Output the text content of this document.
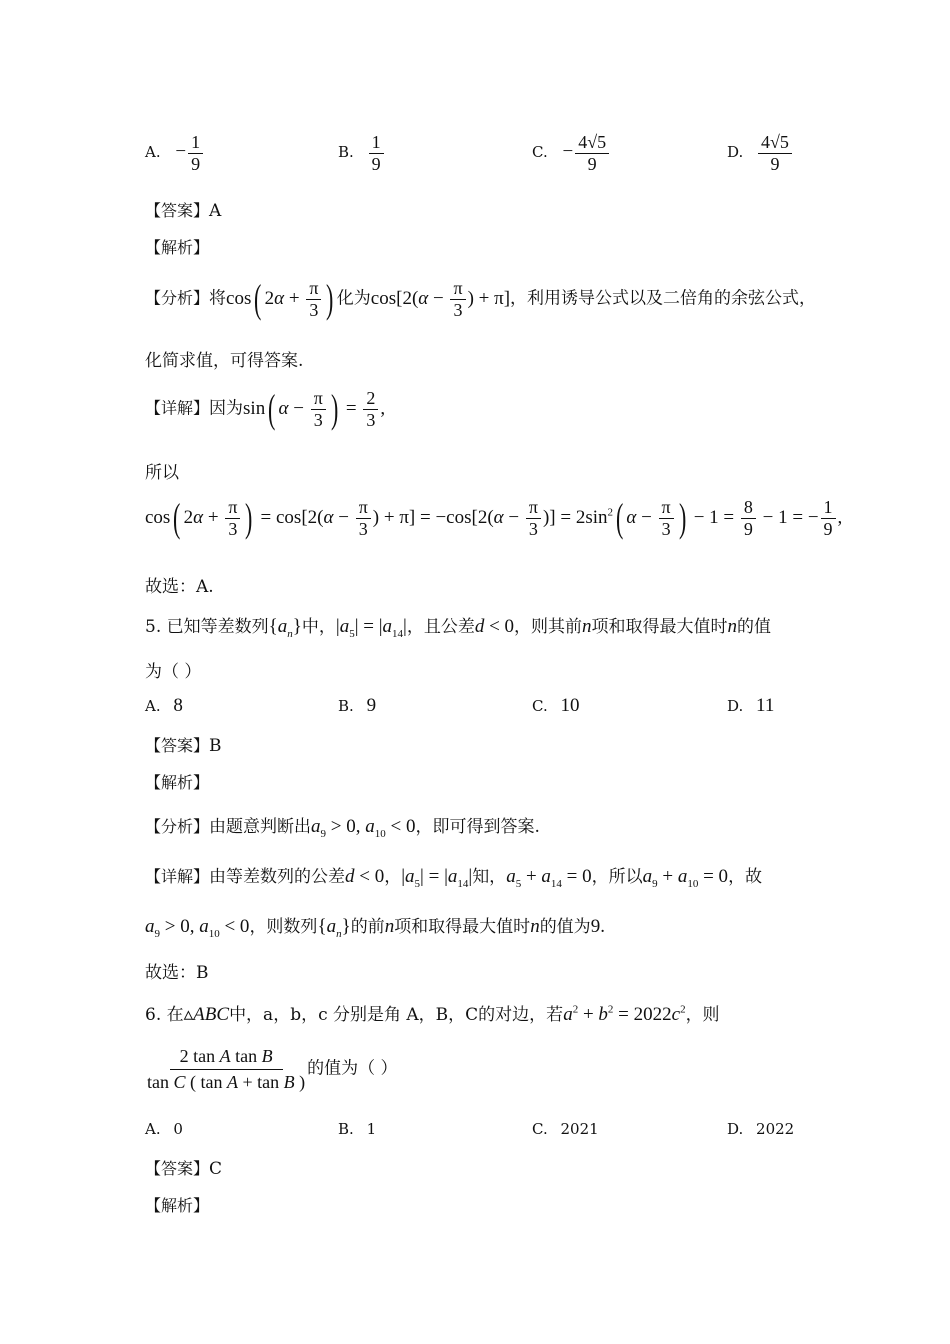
A. − $\frac{1}{9}$	B. $\frac{1}{9}$	C. − $\frac{4√5}{9}$	D. $\frac{4√5}{9}$
【答案】A
【解析】
【分析】将cos( $2\alpha + \frac{\pi}{3}$ ) 化为$\cos[2(\alpha - \frac{\pi}{3}$ ) + π]，利用诱导公式以及二倍角的余弦公式，
化简求值，可得答案.
【详解】因为sin( $\alpha - \frac{\pi}{3}$ ) = $\frac{2}{3}$ ,
所以
cos( $2\alpha + \frac{\pi}{3}$ ) = $\cos[2(\alpha - \frac{\pi}{3}$ ) + $\pi] = -\cos[2(\alpha - \frac{\pi}{3}$ )] = $2\sin^2$( $\alpha - \frac{\pi}{3}$ ) − $1 = \frac{8}{9} - 1$ = − $\frac{1}{9}$ ,
故选：A.
5. 已知等差数列$\{a_n\}$中，$|a_5| = |a_{14}|$，且公差d < 0，则其前n项和取得最大值时n的值
为（ ）
A. 8	B. 9	C. 10	D. 11
【答案】B
【解析】
【分析】由题意判断出$a_9 > 0$, $a_{10} < 0$，即可得到答案.
【详解】由等差数列的公差d < 0，$|a_5| = |a_{14}|$知，$a_5 + a_{14} = 0$，所以$a_9 + a_{10} = 0$，故
$a_9 > 0$, $a_{10} < 0$，则数列$\{a_n\}$的前n项和取得最大值时n的值为9.
故选：B
6. 在▵ABC中，a，b，c 分别是角 A，B，C的对边，若$a^2 + b^2 = 2022c^2$，则
$\frac{\text{2 tan A tan B}}{\text{tan C ( tan A + tan B )}}$ 的值为（ ）
A. 0	B. 1	C. 2021	D. 2022
【答案】C
【解析】
